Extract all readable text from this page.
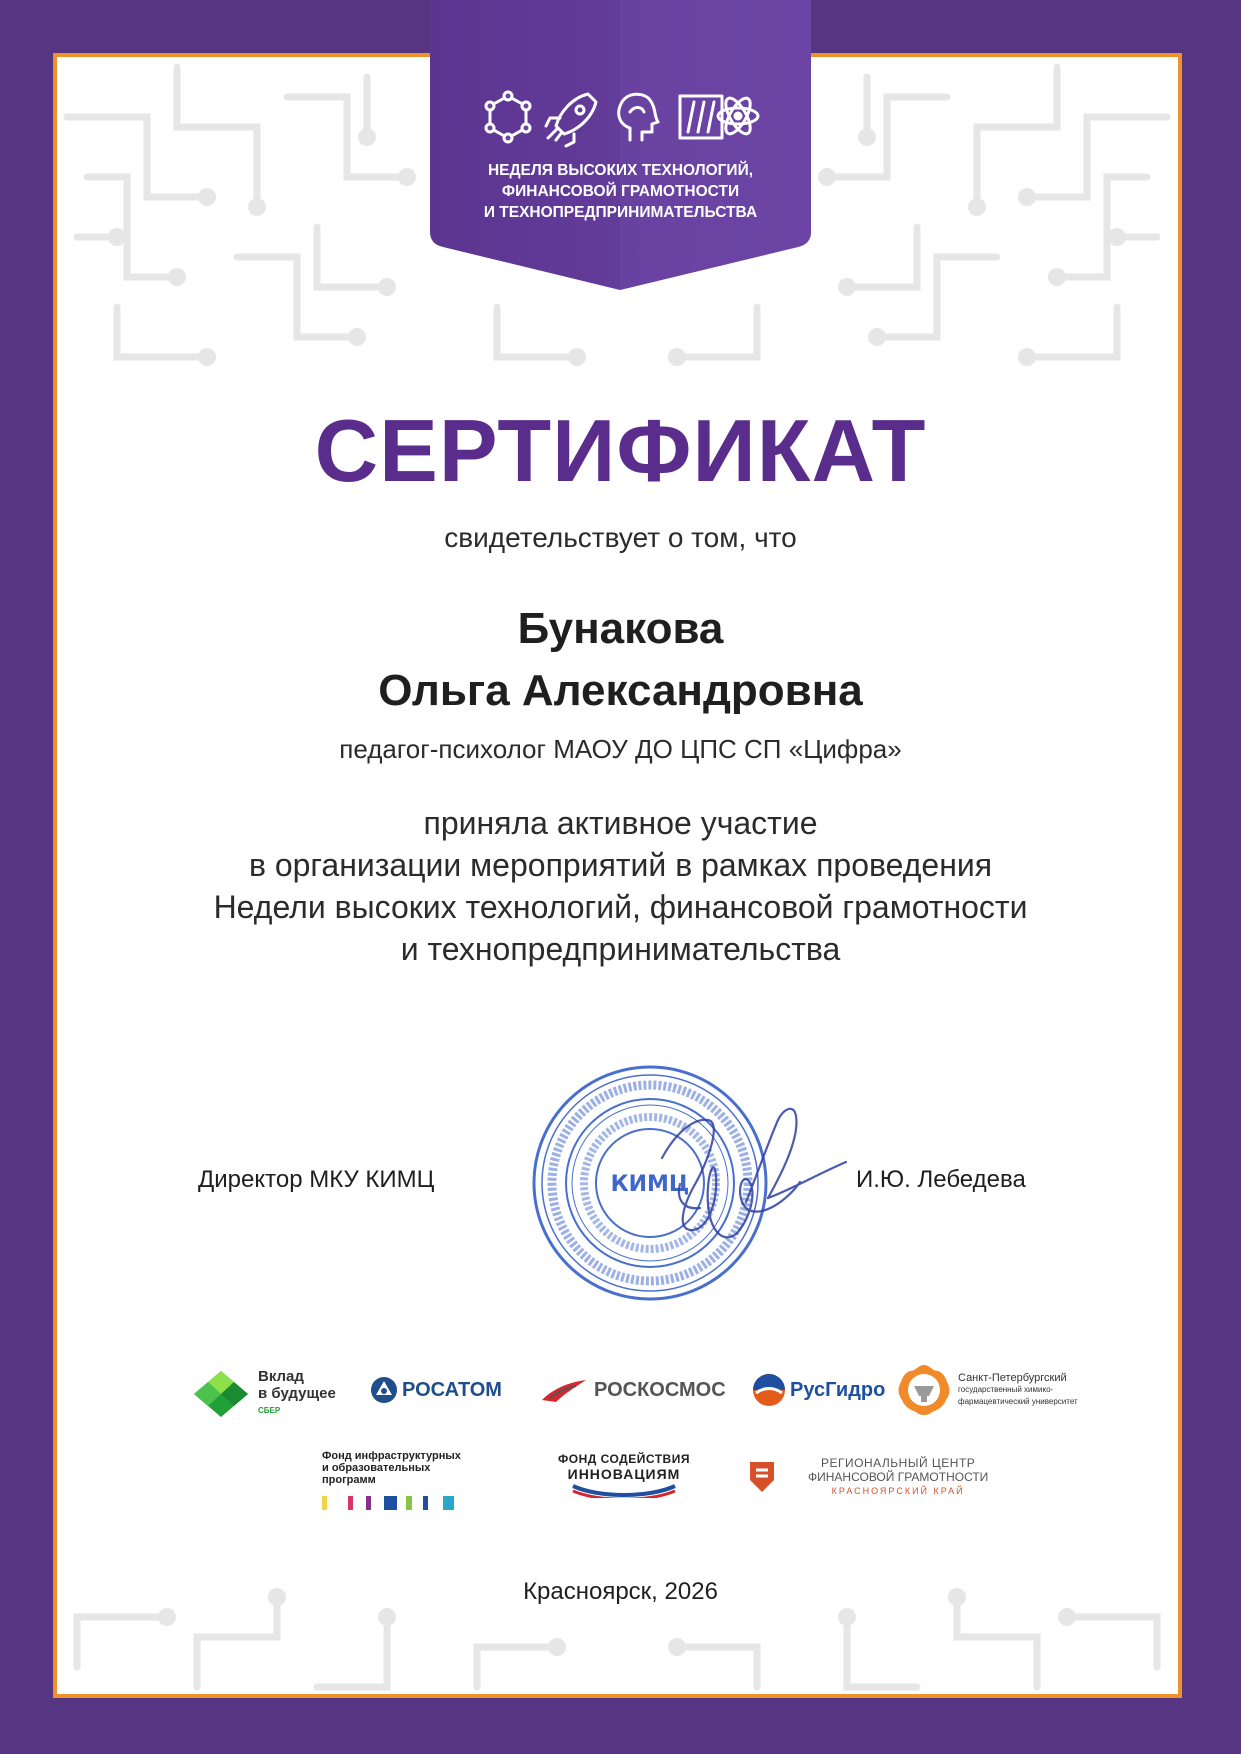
НЕДЕЛЯ ВЫСОКИХ ТЕХНОЛОГИЙ,
ФИНАНСОВОЙ ГРАМОТНОСТИ
И ТЕХНОПРЕДПРИНИМАТЕЛЬСТВА
СЕРТИФИКАТ
свидетельствует о том, что
Бунакова
Ольга Александровна
педагог-психолог МАОУ ДО ЦПС СП «Цифра»
приняла активное участие
в организации мероприятий в рамках проведения
Недели высоких технологий, финансовой грамотности
и технопредпринимательства
КИМЦ
Директор МКУ КИМЦ	И.Ю. Лебедева
Вклад
в будущее
СБЕР
РОСАТОМ	РОСКОСМОС	РусГидро
Санкт-Петербургский
государственный химико-
фармацевтический университет
Фонд инфраструктурных
и образовательных
программ
ФОНД СОДЕЙСТВИЯ
ИННОВАЦИЯМ
РЕГИОНАЛЬНЫЙ ЦЕНТР
ФИНАНСОВОЙ ГРАМОТНОСТИ
КРАСНОЯРСКИЙ КРАЙ
Красноярск, 2026
